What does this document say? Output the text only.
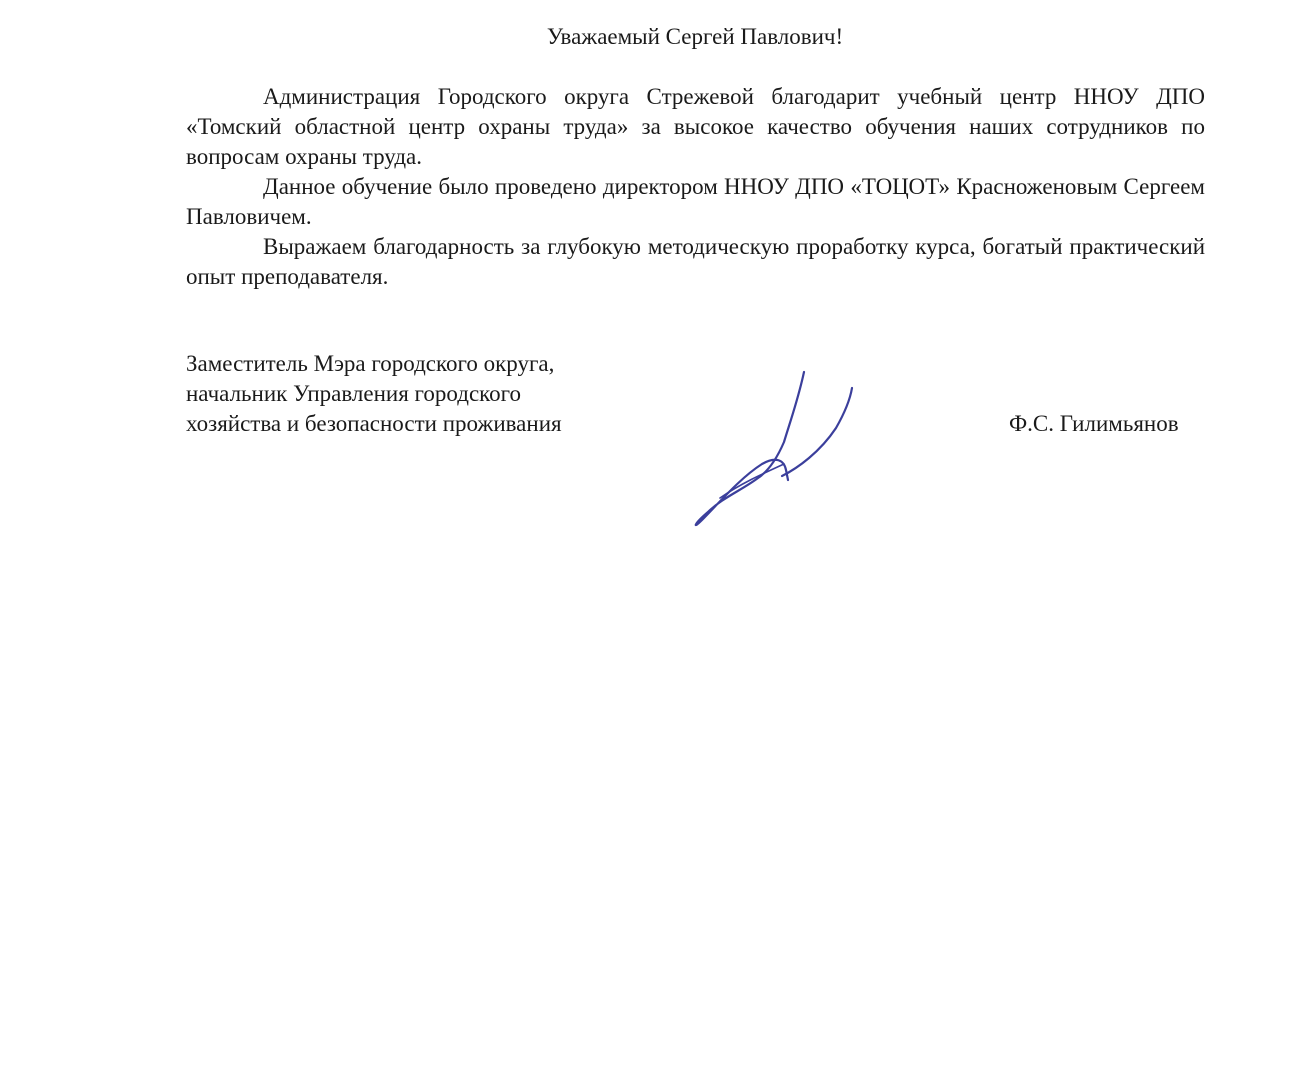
Уважаемый Сергей Павлович!

Администрация Городского округа Стрежевой благодарит учебный центр ННОУ ДПО «Томский областной центр охраны труда» за высокое качество обучения наших сотрудников по вопросам охраны труда.

Данное обучение было проведено директором ННОУ ДПО «ТОЦОТ» Красноженовым Сергеем Павловичем.

Выражаем благодарность за глубокую методическую проработку курса, богатый практический опыт преподавателя.

Заместитель Мэра городского округа,
начальник Управления городского
хозяйства и безопасности проживания	Ф.С. Гилимьянов
